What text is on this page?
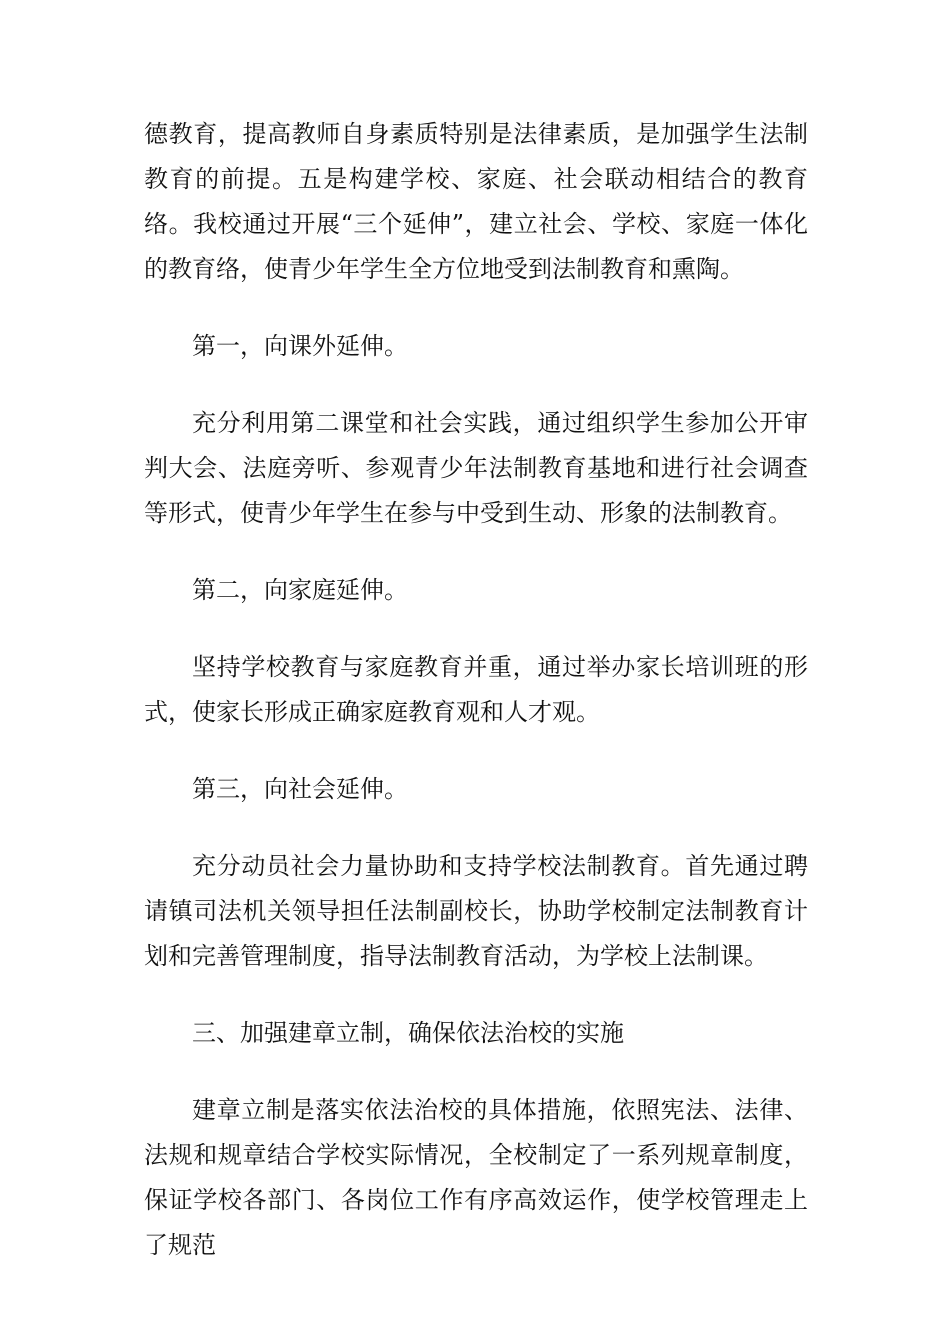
德教育，提高教师自身素质特别是法律素质，是加强学生法制教育的前提。五是构建学校、家庭、社会联动相结合的教育络。我校通过开展“三个延伸”，建立社会、学校、家庭一体化的教育络，使青少年学生全方位地受到法制教育和熏陶。

第一，向课外延伸。

充分利用第二课堂和社会实践，通过组织学生参加公开审判大会、法庭旁听、参观青少年法制教育基地和进行社会调查等形式，使青少年学生在参与中受到生动、形象的法制教育。

第二，向家庭延伸。

坚持学校教育与家庭教育并重，通过举办家长培训班的形式，使家长形成正确家庭教育观和人才观。

第三，向社会延伸。

充分动员社会力量协助和支持学校法制教育。首先通过聘请镇司法机关领导担任法制副校长，协助学校制定法制教育计划和完善管理制度，指导法制教育活动，为学校上法制课。

三、加强建章立制，确保依法治校的实施

建章立制是落实依法治校的具体措施，依照宪法、法律、法规和规章结合学校实际情况，全校制定了一系列规章制度，保证学校各部门、各岗位工作有序高效运作，使学校管理走上了规范
